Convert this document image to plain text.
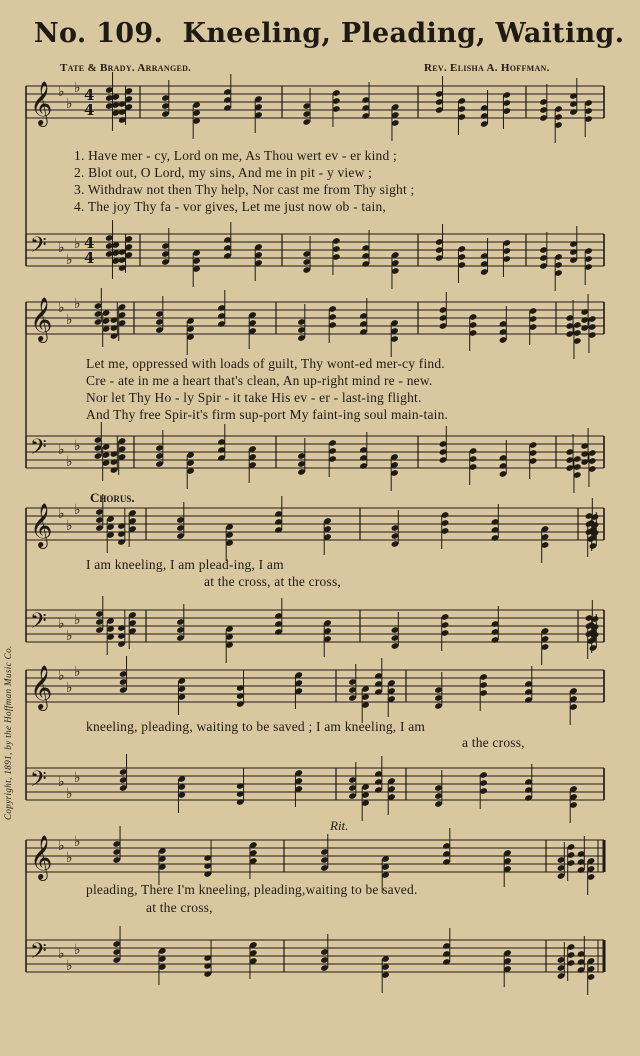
No. 109. Kneeling, Pleading, Waiting.
Tate & Brady. Arranged.	Rev. Elisha A. Hoffman.
Copyright, 1891, by the Hoffman Music Co.
𝄞 ♭
♭
♭ 4
4
𝄢 ♭
♭
♭ 4
4
𝄞 ♭
♭
♭
𝄢 ♭
♭
♭
𝄞 ♭
♭
♭
𝄢 ♭
♭
♭
𝄞 ♭
♭
♭
𝄢 ♭
♭
♭
𝄞 ♭
♭
♭
𝄢 ♭
♭
♭
1. Have mer - cy, Lord on me, As Thou wert ev - er kind ;
2. Blot out, O Lord, my sins, And me in pit - y view ;
3. Withdraw not then Thy help, Nor cast me from Thy sight ;
4. The joy Thy fa - vor gives, Let me just now ob - tain,
Let me, oppressed with loads of guilt, Thy wont-ed mer-cy find.
Cre - ate in me a heart that's clean, An up-right mind re - new.
Nor let Thy Ho - ly Spir - it take His ev - er - last-ing flight.
And Thy free Spir-it's firm sup-port My faint-ing soul main-tain.
Chorus.
I am kneeling, I am plead-ing, I am
at the cross, at the cross,
kneeling, pleading, waiting to be saved ; I am kneeling, I am
a the cross,
Rit.
pleading, There I'm kneeling, pleading,waiting to be saved.
at the cross,
